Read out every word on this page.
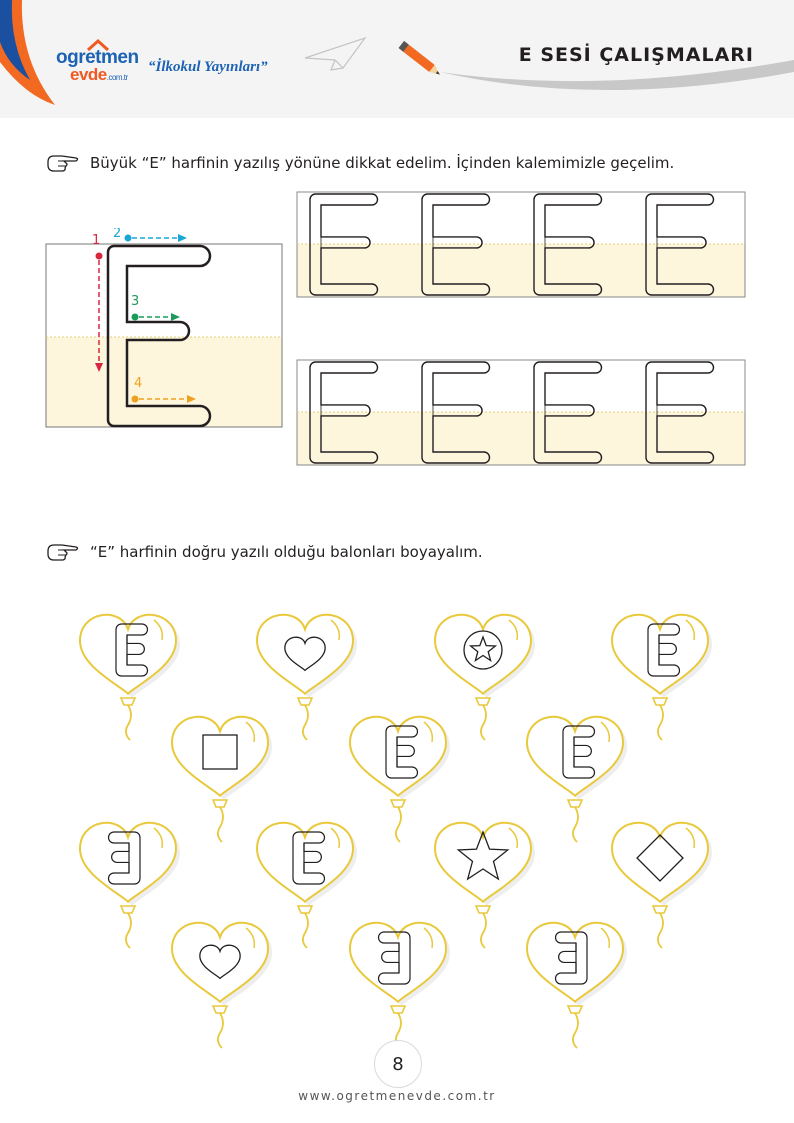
ogretmen
evde.com.tr
“İlkokul Yayınları”
E SESİ ÇALIŞMALARI
Büyük “E” harfinin yazılış yönüne dikkat edelim. İçinden kalemimizle geçelim.
1 2
3
4
“E” harfinin doğru yazılı olduğu balonları boyayalım.
8
www.ogretmenevde.com.tr
